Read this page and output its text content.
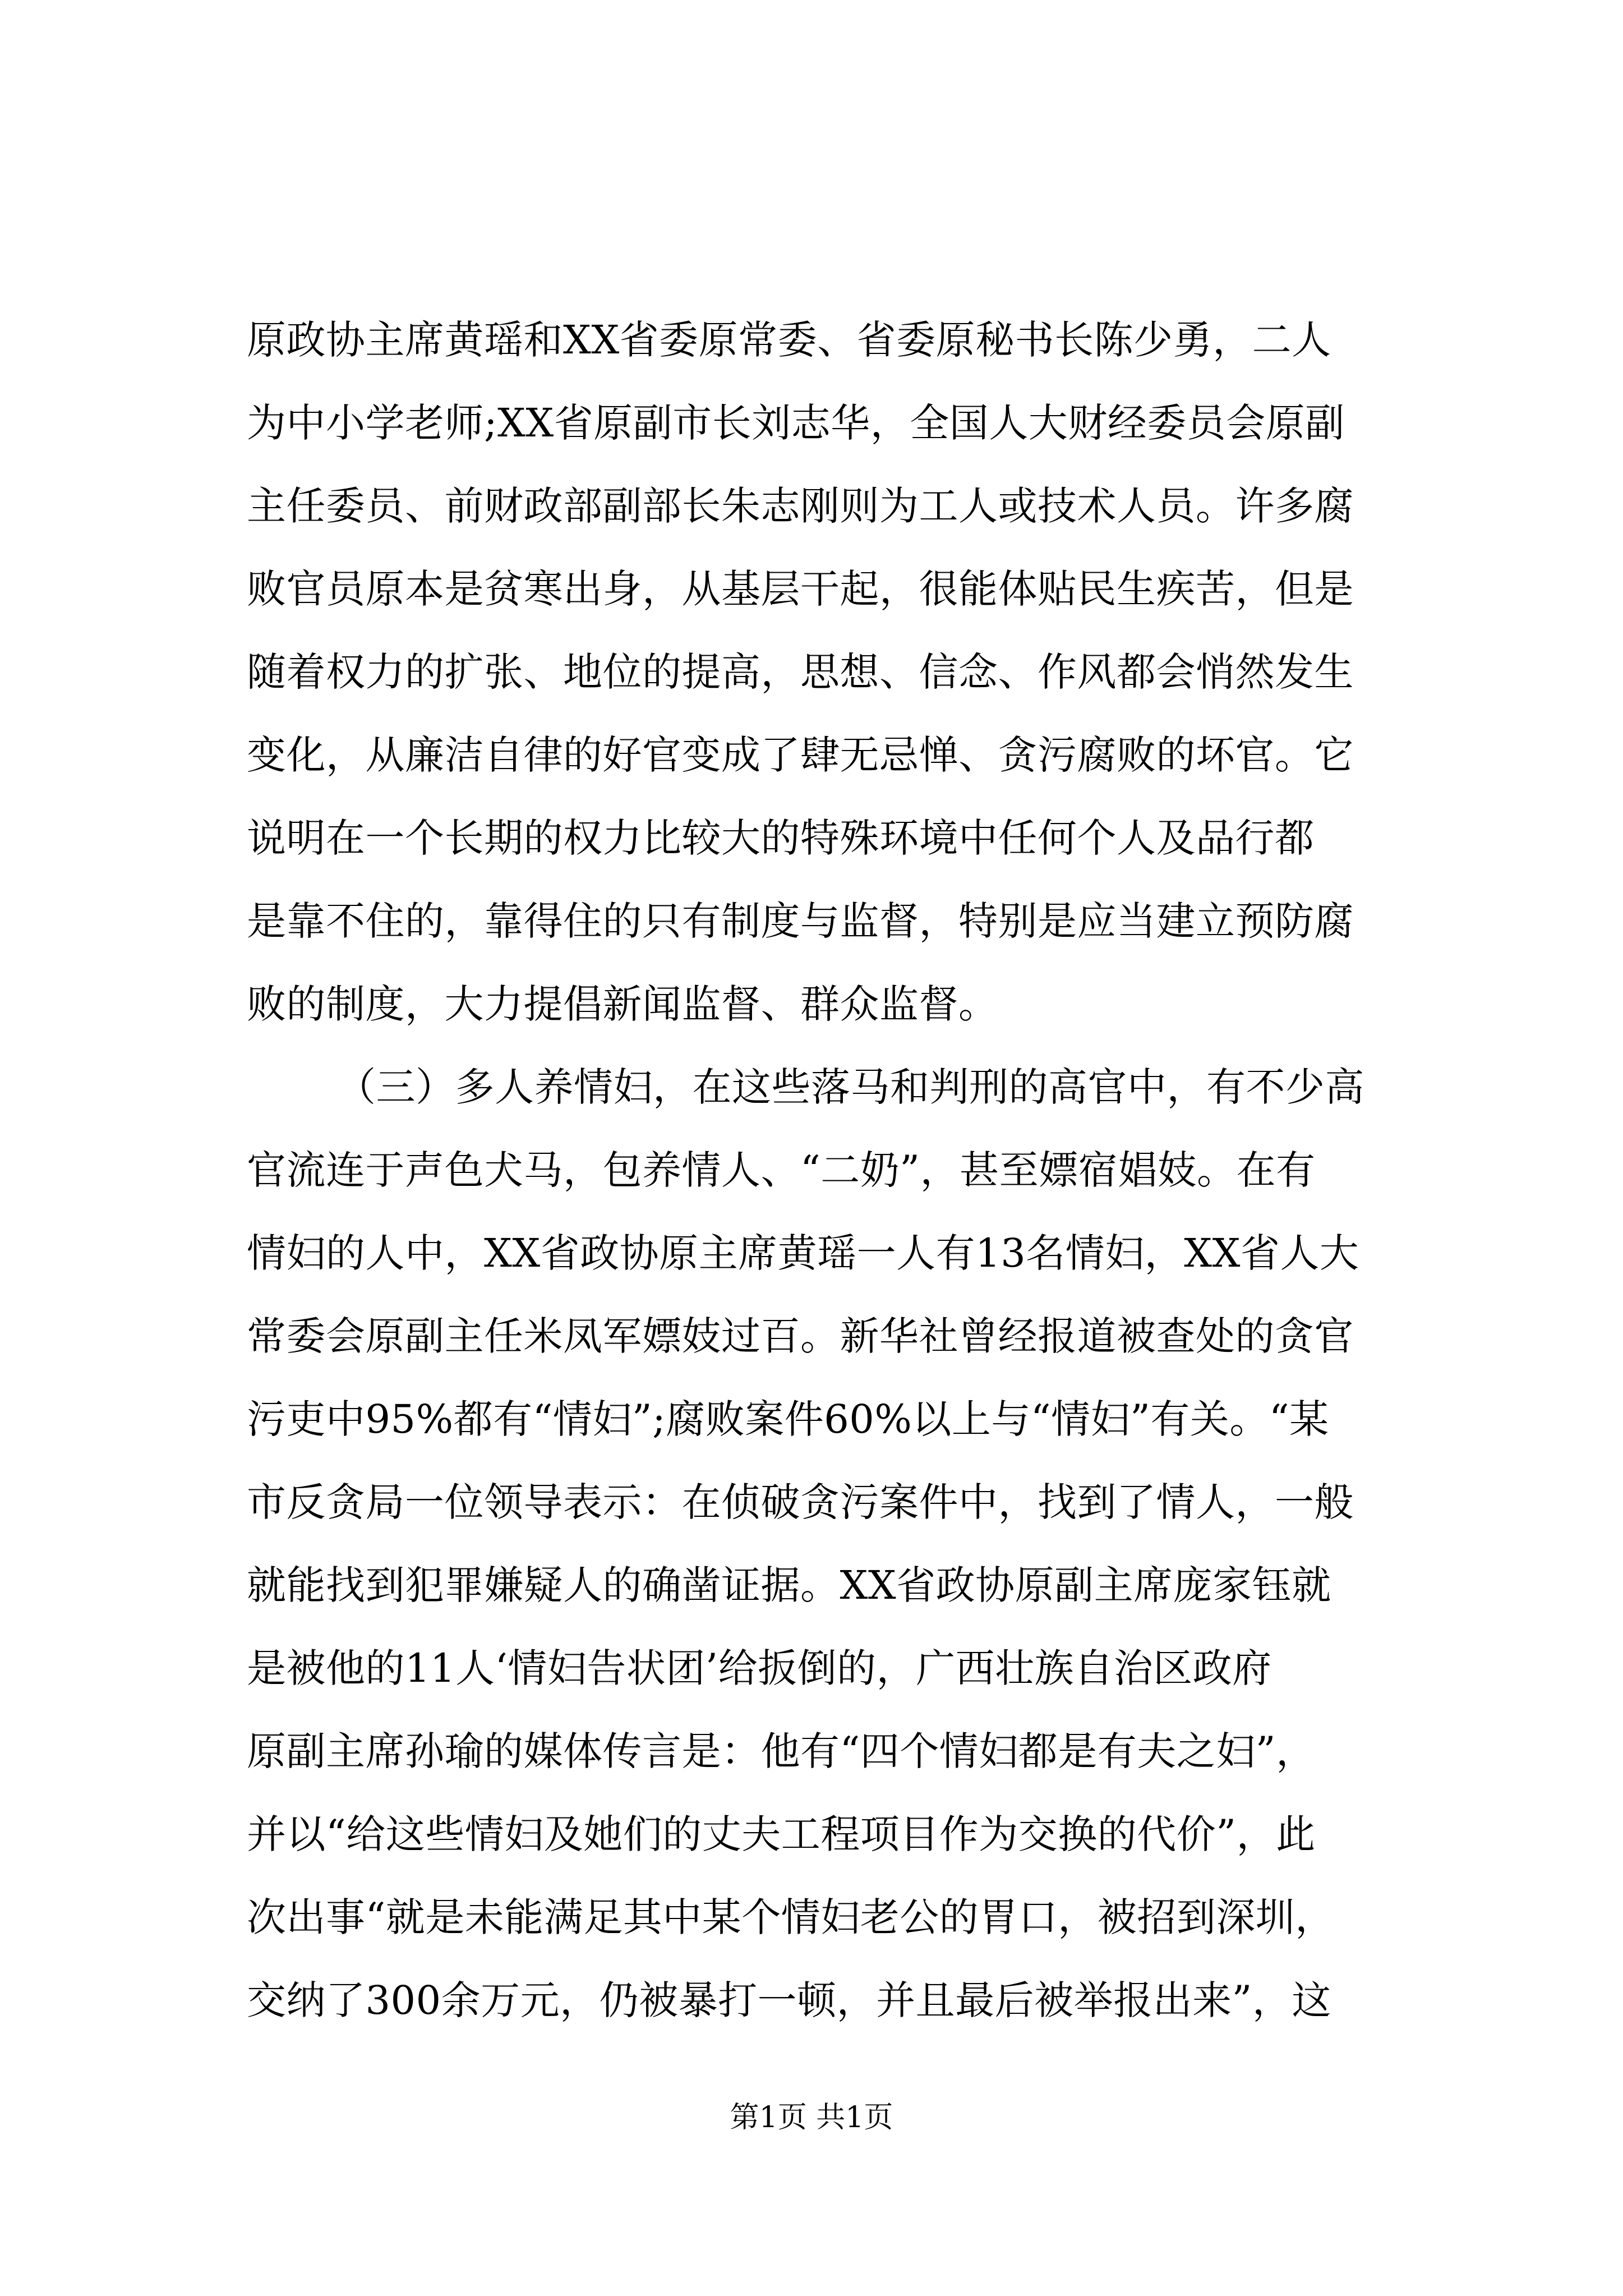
原政协主席黄瑶和XX省委原常委、省委原秘书长陈少勇，二人
为中小学老师;XX省原副市长刘志华，全国人大财经委员会原副
主任委员、前财政部副部长朱志刚则为工人或技术人员。许多腐
败官员原本是贫寒出身，从基层干起，很能体贴民生疾苦，但是
随着权力的扩张、地位的提高，思想、信念、作风都会悄然发生
变化，从廉洁自律的好官变成了肆无忌惮、贪污腐败的坏官。它
说明在一个长期的权力比较大的特殊环境中任何个人及品行都
是靠不住的，靠得住的只有制度与监督，特别是应当建立预防腐
败的制度，大力提倡新闻监督、群众监督。
（三）多人养情妇，在这些落马和判刑的高官中，有不少高
官流连于声色犬马，包养情人、“二奶”，甚至嫖宿娼妓。在有
情妇的人中，XX省政协原主席黄瑶一人有13名情妇，XX省人大
常委会原副主任米凤军嫖妓过百。新华社曾经报道被查处的贪官
污吏中95%都有“情妇”;腐败案件60%以上与“情妇”有关。“某
市反贪局一位领导表示：在侦破贪污案件中，找到了情人，一般
就能找到犯罪嫌疑人的确凿证据。XX省政协原副主席庞家钰就
是被他的11人‘情妇告状团’给扳倒的，广西壮族自治区政府
原副主席孙瑜的媒体传言是：他有“四个情妇都是有夫之妇”，
并以“给这些情妇及她们的丈夫工程项目作为交换的代价”，此
次出事“就是未能满足其中某个情妇老公的胃口，被招到深圳，
交纳了300余万元，仍被暴打一顿，并且最后被举报出来”，这
第1页 共1页
